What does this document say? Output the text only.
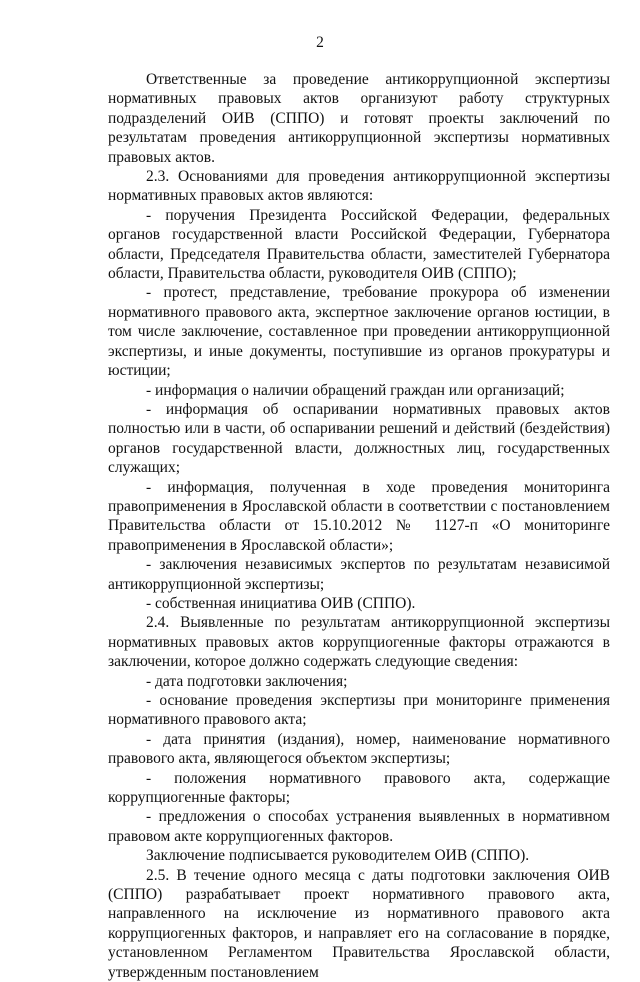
2

Ответственные за проведение антикоррупционной экспертизы нормативных правовых актов организуют работу структурных подразделений ОИВ (СППО) и готовят проекты заключений по результатам проведения антикоррупционной экспертизы нормативных правовых актов.

2.3. Основаниями для проведения антикоррупционной экспертизы нормативных правовых актов являются:

- поручения Президента Российской Федерации, федеральных органов государственной власти Российской Федерации, Губернатора области, Председателя Правительства области, заместителей Губернатора области, Правительства области, руководителя ОИВ (СППО);

- протест, представление, требование прокурора об изменении нормативного правового акта, экспертное заключение органов юстиции, в том числе заключение, составленное при проведении антикоррупционной экспертизы, и иные документы, поступившие из органов прокуратуры и юстиции;

- информация о наличии обращений граждан или организаций;

- информация об оспаривании нормативных правовых актов полностью или в части, об оспаривании решений и действий (бездействия) органов государственной власти, должностных лиц, государственных служащих;

- информация, полученная в ходе проведения мониторинга правоприменения в Ярославской области в соответствии с постановлением Правительства области от 15.10.2012 № 1127-п «О мониторинге правоприменения в Ярославской области»;

- заключения независимых экспертов по результатам независимой антикоррупционной экспертизы;

- собственная инициатива ОИВ (СППО).

2.4. Выявленные по результатам антикоррупционной экспертизы нормативных правовых актов коррупциогенные факторы отражаются в заключении, которое должно содержать следующие сведения:

- дата подготовки заключения;

- основание проведения экспертизы при мониторинге применения нормативного правового акта;

- дата принятия (издания), номер, наименование нормативного правового акта, являющегося объектом экспертизы;

- положения нормативного правового акта, содержащие коррупциогенные факторы;

- предложения о способах устранения выявленных в нормативном правовом акте коррупциогенных факторов.

Заключение подписывается руководителем ОИВ (СППО).

2.5. В течение одного месяца с даты подготовки заключения ОИВ (СППО) разрабатывает проект нормативного правового акта, направленного на исключение из нормативного правового акта коррупциогенных факторов, и направляет его на согласование в порядке, установленном Регламентом Правительства Ярославской области, утвержденным постановлением
